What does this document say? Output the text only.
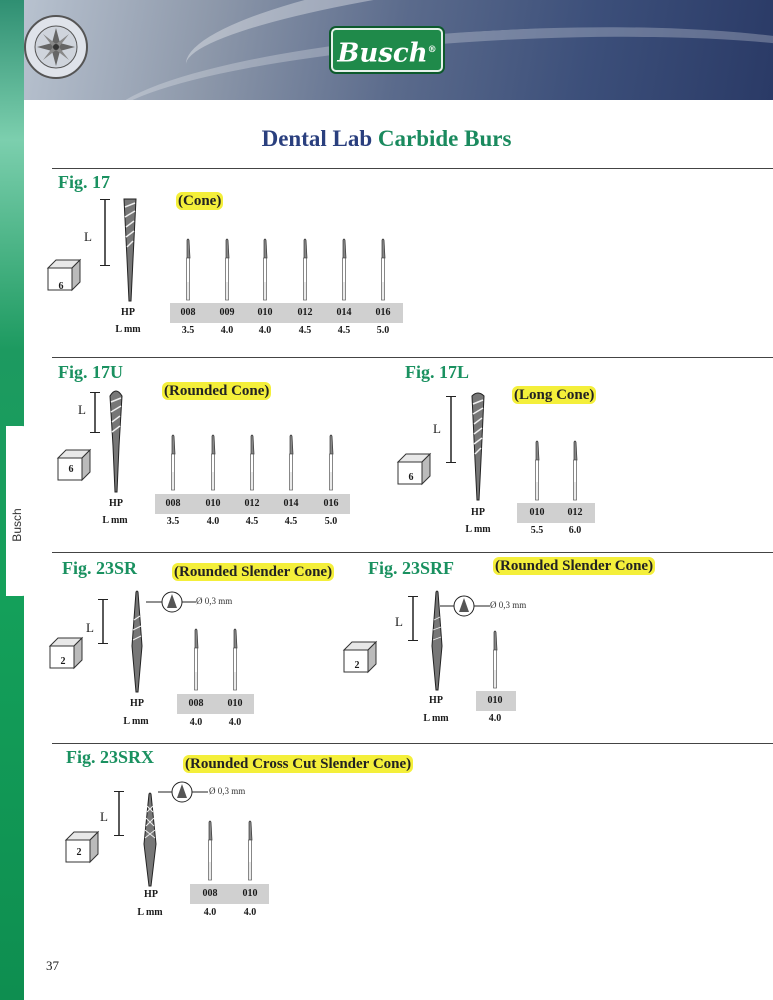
Busch
Busch®
Dental Lab Carbide Burs
Fig. 17
(Cone)
L
6
HP
L mm
008
3.5
009
4.0
010
4.0
012
4.5
014
4.5
016
5.0
Fig. 17U
(Rounded Cone)
L
6
HP
L mm
008
3.5
010
4.0
012
4.5
014
4.5
016
5.0
Fig. 17L
(Long Cone)
L
6
HP
L mm
010
5.5
012
6.0
Fig. 23SR (Rounded Slender Cone)
L
2
Ø 0,3 mm
HP
L mm
008
4.0
010
4.0
Fig. 23SRF	(Rounded Slender Cone)
L
2
Ø 0,3 mm
HP
L mm
010
4.0
Fig. 23SRX (Rounded Cross Cut Slender Cone)
L
2
Ø 0,3 mm
HP
L mm
008
4.0
010
4.0
37
